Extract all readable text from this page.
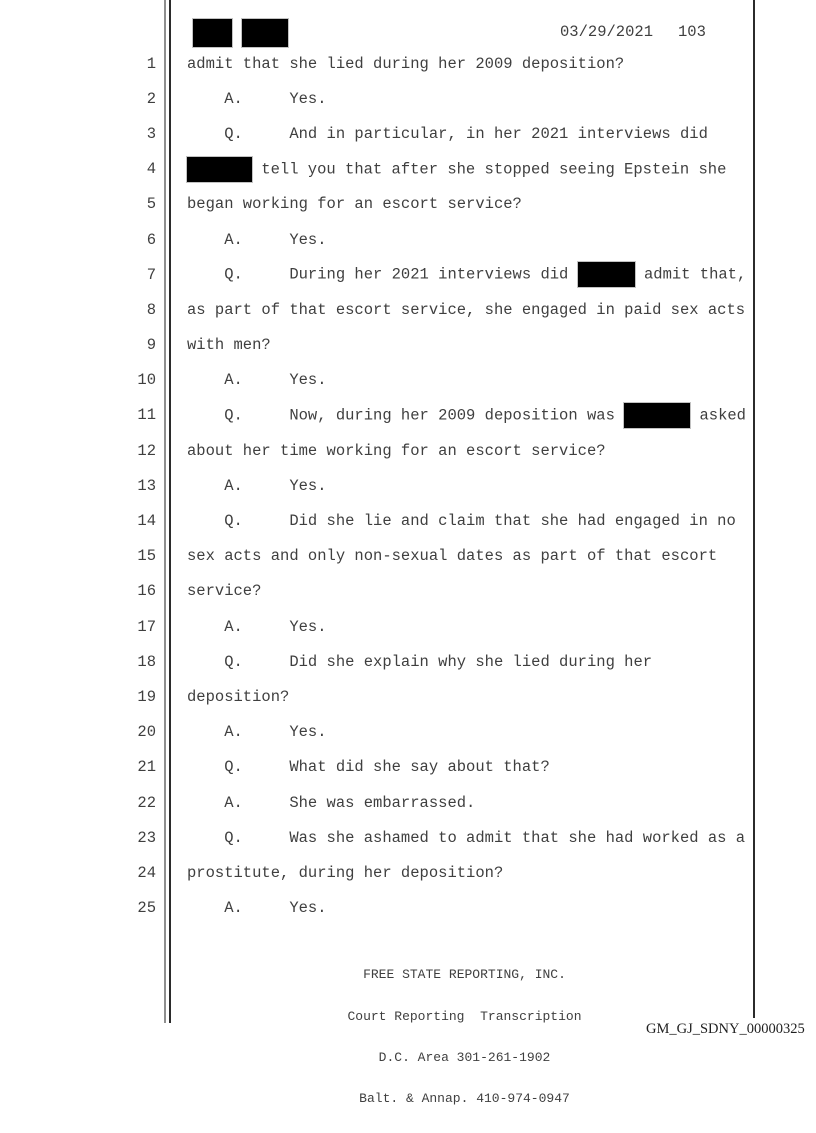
03/29/2021 103
1 admit that she lied during her 2009 deposition?
2 A.     Yes.
3 Q.     And in particular, in her 2021 interviews did
4	tell you that after she stopped seeing Epstein she
5 began working for an escort service?
6 A.     Yes.
7 Q.     During her 2021 interviews did	admit that,
8 as part of that escort service, she engaged in paid sex acts
9 with men?
10 A.     Yes.
11 Q.     Now, during her 2009 deposition was	asked
12 about her time working for an escort service?
13 A.     Yes.
14 Q.     Did she lie and claim that she had engaged in no
15 sex acts and only non-sexual dates as part of that escort
16 service?
17 A.     Yes.
18 Q.     Did she explain why she lied during her
19 deposition?
20 A.     Yes.
21 Q.     What did she say about that?
22 A.     She was embarrassed.
23 Q.     Was she ashamed to admit that she had worked as a
24 prostitute, during her deposition?
25 A.     Yes.

FREE STATE REPORTING, INC.

Court Reporting  Transcription

D.C. Area 301-261-1902

Balt. & Annap. 410-974-0947

GM_GJ_SDNY_00000325
